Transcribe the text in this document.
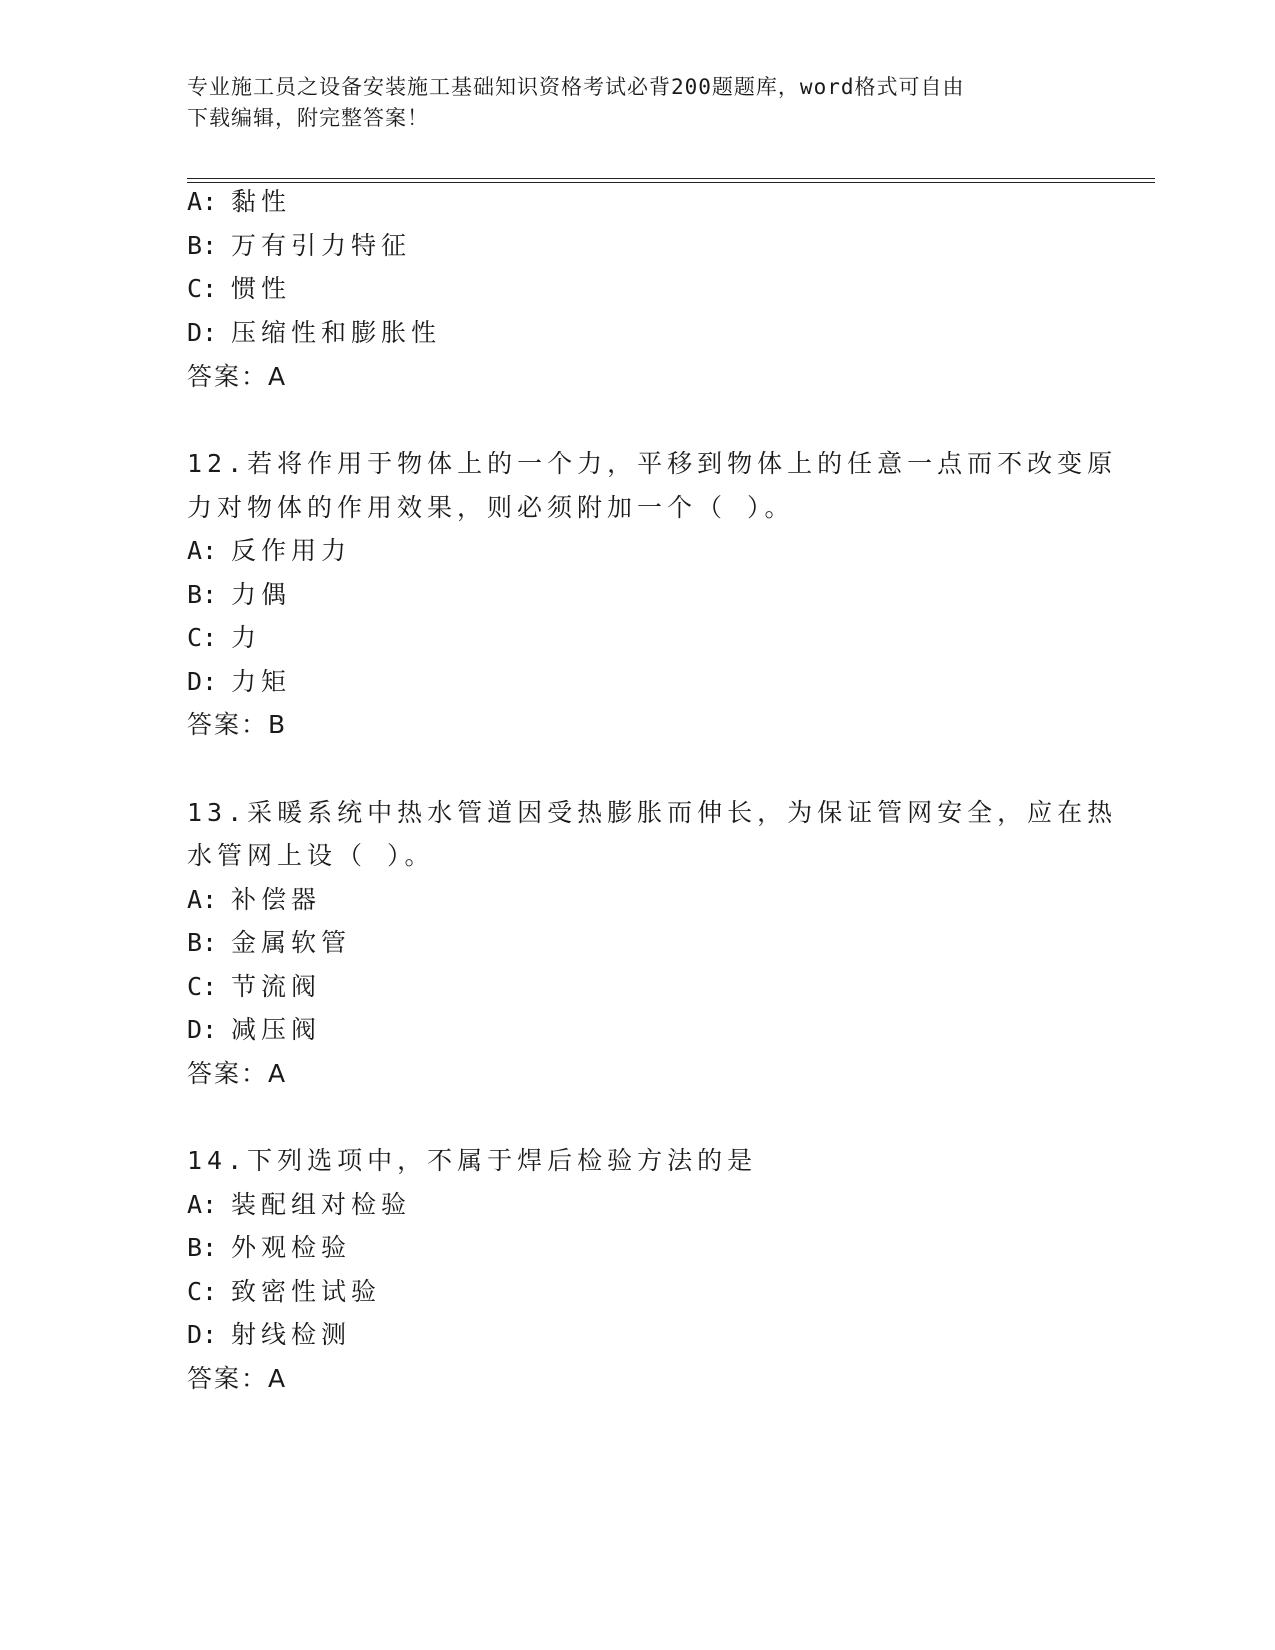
专业施工员之设备安装施工基础知识资格考试必背200题题库，word格式可自由
下载编辑，附完整答案！
A: 黏性
B: 万有引力特征
C: 惯性
D: 压缩性和膨胀性
答案：A
12.若将作用于物体上的一个力，平移到物体上的任意一点而不改变原
力对物体的作用效果，则必须附加一个（ ）。
A: 反作用力
B: 力偶
C: 力
D: 力矩
答案：B
13.采暖系统中热水管道因受热膨胀而伸长，为保证管网安全，应在热
水管网上设（ ）。
A: 补偿器
B: 金属软管
C: 节流阀
D: 减压阀
答案：A
14.下列选项中，不属于焊后检验方法的是
A: 装配组对检验
B: 外观检验
C: 致密性试验
D: 射线检测
答案：A
